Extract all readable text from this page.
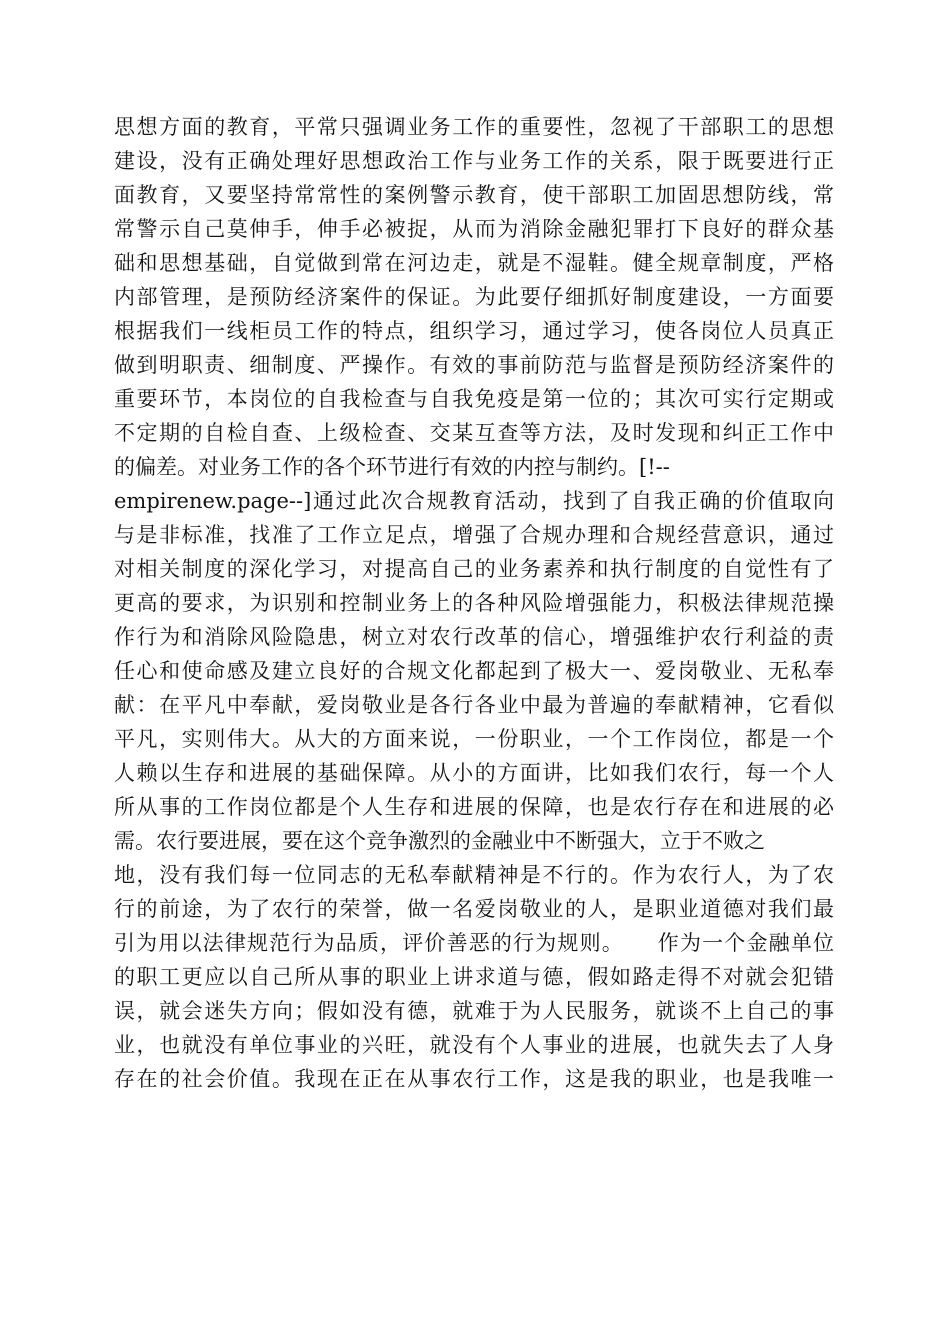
思想方面的教育，平常只强调业务工作的重要性，忽视了干部职工的思想
建设，没有正确处理好思想政治工作与业务工作的关系，限于既要进行正
面教育，又要坚持常常性的案例警示教育，使干部职工加固思想防线，常
常警示自己莫伸手，伸手必被捉，从而为消除金融犯罪打下良好的群众基
础和思想基础，自觉做到常在河边走，就是不湿鞋。健全规章制度，严格
内部管理，是预防经济案件的保证。为此要仔细抓好制度建设，一方面要
根据我们一线柜员工作的特点，组织学习，通过学习，使各岗位人员真正
做到明职责、细制度、严操作。有效的事前防范与监督是预防经济案件的
重要环节，本岗位的自我检查与自我免疫是第一位的；其次可实行定期或
不定期的自检自查、上级检查、交某互查等方法，及时发现和纠正工作中
的偏差。对业务工作的各个环节进行有效的内控与制约。[!--
empirenew.page--]通过此次合规教育活动，找到了自我正确的价值取向
与是非标准，找准了工作立足点，增强了合规办理和合规经营意识，通过
对相关制度的深化学习，对提高自己的业务素养和执行制度的自觉性有了
更高的要求，为识别和控制业务上的各种风险增强能力，积极法律规范操
作行为和消除风险隐患，树立对农行改革的信心，增强维护农行利益的责
任心和使命感及建立良好的合规文化都起到了极大一、爱岗敬业、无私奉
献：在平凡中奉献，爱岗敬业是各行各业中最为普遍的奉献精神，它看似
平凡，实则伟大。从大的方面来说，一份职业，一个工作岗位，都是一个
人赖以生存和进展的基础保障。从小的方面讲，比如我们农行，每一个人
所从事的工作岗位都是个人生存和进展的保障，也是农行存在和进展的必
需。农行要进展，要在这个竞争激烈的金融业中不断强大，立于不败之
地，没有我们每一位同志的无私奉献精神是不行的。作为农行人，为了农
行的前途，为了农行的荣誉，做一名爱岗敬业的人，是职业道德对我们最
引为用以法律规范行为品质，评价善恶的行为规则。　　作为一个金融单位
的职工更应以自己所从事的职业上讲求道与德，假如路走得不对就会犯错
误，就会迷失方向；假如没有德，就难于为人民服务，就谈不上自己的事
业，也就没有单位事业的兴旺，就没有个人事业的进展，也就失去了人身
存在的社会价值。我现在正在从事农行工作，这是我的职业，也是我唯一
